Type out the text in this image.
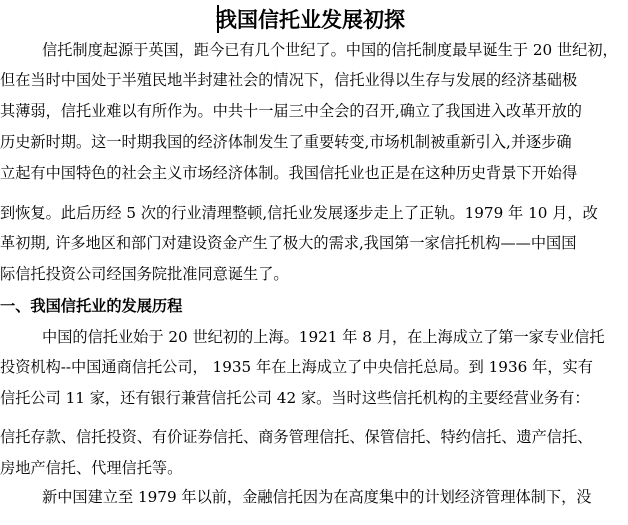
我国信托业发展初探
信托制度起源于英国，距今已有几个世纪了。中国的信托制度最早诞生于 20 世纪初，
但在当时中国处于半殖民地半封建社会的情况下，信托业得以生存与发展的经济基础极
其薄弱，信托业难以有所作为。中共十一届三中全会的召开,确立了我国进入改革开放的
历史新时期。这一时期我国的经济体制发生了重要转变,市场机制被重新引入,并逐步确
立起有中国特色的社会主义市场经济体制。我国信托业也正是在这种历史背景下开始得
到恢复。此后历经 5 次的行业清理整顿,信托业发展逐步走上了正轨。1979 年 10 月，改
革初期, 许多地区和部门对建设资金产生了极大的需求,我国第一家信托机构——中国国
际信托投资公司经国务院批准同意诞生了。
一、我国信托业的发展历程
中国的信托业始于 20 世纪初的上海。1921 年 8 月，在上海成立了第一家专业信托
投资机构--中国通商信托公司， 1935 年在上海成立了中央信托总局。到 1936 年，实有
信托公司 11 家，还有银行兼营信托公司 42 家。当时这些信托机构的主要经营业务有：
信托存款、信托投资、有价证券信托、商务管理信托、保管信托、特约信托、遗产信托、
房地产信托、代理信托等。
新中国建立至 1979 年以前，金融信托因为在高度集中的计划经济管理体制下，没
